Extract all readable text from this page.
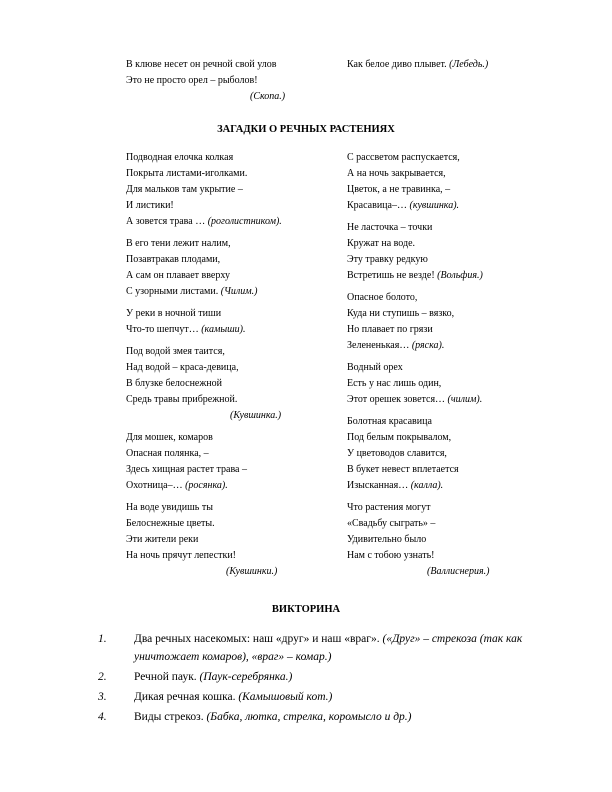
В клюве несет он речной свой улов
Это не просто орел – рыболов!
(Скопа.)
Как белое диво плывет. (Лебедь.)
ЗАГАДКИ О РЕЧНЫХ РАСТЕНИЯХ
Подводная елочка колкая
Покрыта листами-иголками.
Для мальков там укрытие –
И листики!
А зовется трава … (роголистником).
В его тени лежит налим,
Позавтракав плодами,
А сам он плавает вверху
С узорными листами. (Чилим.)
У реки в ночной тиши
Что-то шепчут… (камыши).
Под водой змея таится,
Над водой – краса-девица,
В блузке белоснежной
Средь травы прибрежной.
(Кувшинка.)
Для мошек, комаров
Опасная полянка, –
Здесь хищная растет трава –
Охотница–… (росянка).
На воде увидишь ты
Белоснежные цветы.
Эти жители реки
На ночь прячут лепестки!
(Кувшинки.)
С рассветом распускается,
А на ночь закрывается,
Цветок, а не травинка, –
Красавица–… (кувшинка).
Не ласточка – точки
Кружат на воде.
Эту травку редкую
Встретишь не везде! (Вольфия.)
Опасное болото,
Куда ни ступишь – вязко,
Но плавает по грязи
Зелененькая… (ряска).
Водный орех
Есть у нас лишь один,
Этот орешек зовется… (чилим).
Болотная красавица
Под белым покрывалом,
У цветоводов славится,
В букет невест вплетается
Изысканная… (калла).
Что растения могут
«Свадьбу сыграть» –
Удивительно было
Нам с тобою узнать!
(Валлиснерия.)
ВИКТОРИНА
1. Два речных насекомых: наш «друг» и наш «враг». («Друг» – стрекоза (так как уничтожает комаров), «враг» – комар.)
2. Речной паук. (Паук-серебрянка.)
3. Дикая речная кошка. (Камышовый кот.)
4. Виды стрекоз. (Бабка, лютка, стрелка, коромысло и др.)
